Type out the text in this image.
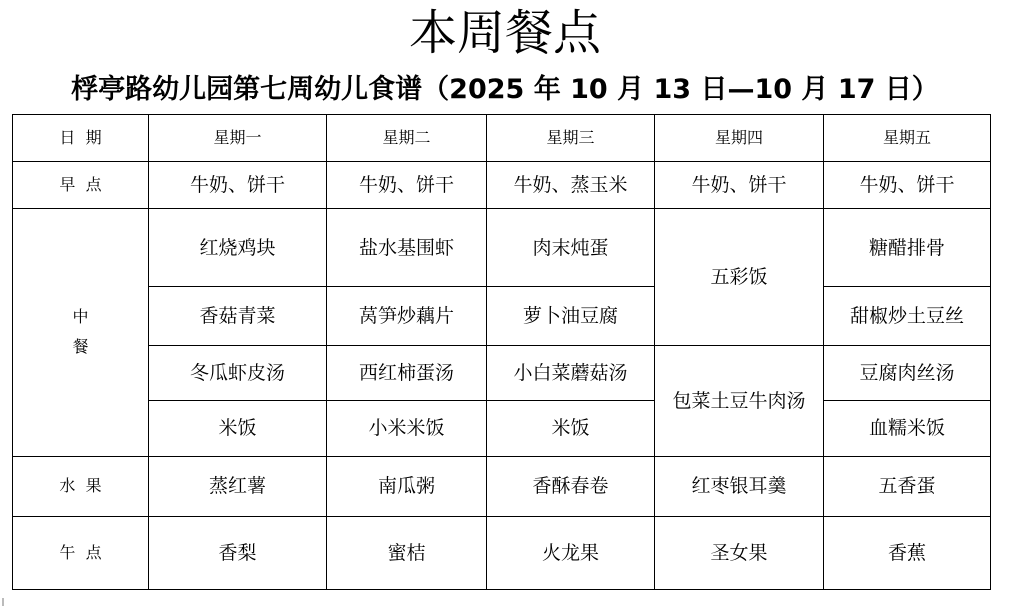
本周餐点
桴亭路幼儿园第七周幼儿食谱（2025 年 10 月 13 日—10 月 17 日）
日  期	星期一	星期二	星期三	星期四	星期五
早  点	牛奶、饼干	牛奶、饼干	牛奶、蒸玉米	牛奶、饼干	牛奶、饼干

中
餐	红烧鸡块	盐水基围虾	肉末炖蛋	五彩饭	糖醋排骨
	香菇青菜	莴笋炒藕片	萝卜油豆腐		甜椒炒土豆丝
	冬瓜虾皮汤	西红柿蛋汤	小白菜蘑菇汤	包菜土豆牛肉汤	豆腐肉丝汤
	米饭	小米米饭	米饭		血糯米饭
水  果	蒸红薯	南瓜粥	香酥春卷	红枣银耳羹	五香蛋
午  点	香梨	蜜桔	火龙果	圣女果	香蕉
